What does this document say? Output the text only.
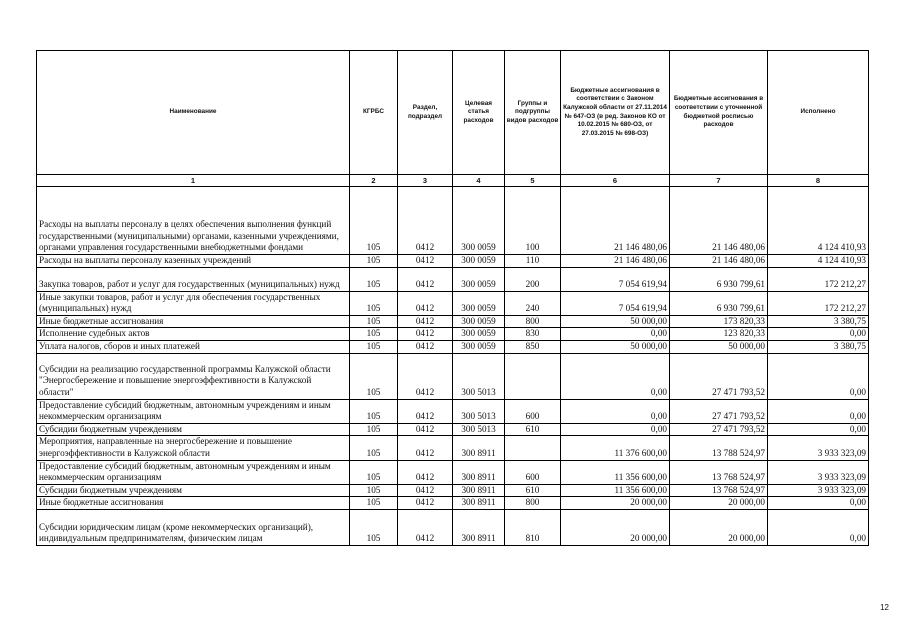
Наименование	КГРБС	Раздел, подраздел	Целевая статья расходов	Группы и подгруппы видов расходов	Бюджетные ассигнования в соответствии с Законом Калужской области от 27.11.2014 № 647-ОЗ (в ред. Законов КО от 10.02.2015 № 680-ОЗ, от 27.03.2015 № 698-ОЗ)	Бюджетные ассигнования в соответствии с уточненной бюджетной росписью расходов	Исполнено
1	2	3	4	5	6	7	8
Расходы на выплаты персоналу в целях обеспечения выполнения функций государственными (муниципальными) органами, казенными учреждениями, органами управления государственными внебюджетными фондами	105	0412	300 0059	100	21 146 480,06	21 146 480,06	4 124 410,93
Расходы на выплаты персоналу казенных учреждений	105	0412	300 0059	110	21 146 480,06	21 146 480,06	4 124 410,93
Закупка товаров, работ и услуг для государственных (муниципальных) нужд	105	0412	300 0059	200	7 054 619,94	6 930 799,61	172 212,27
Иные закупки товаров, работ и услуг для обеспечения государственных (муниципальных) нужд	105	0412	300 0059	240	7 054 619,94	6 930 799,61	172 212,27
Иные бюджетные ассигнования	105	0412	300 0059	800	50 000,00	173 820,33	3 380,75
Исполнение судебных актов	105	0412	300 0059	830	0,00	123 820,33	0,00
Уплата налогов, сборов и иных платежей	105	0412	300 0059	850	50 000,00	50 000,00	3 380,75
Субсидии на реализацию государственной программы Калужской области "Энергосбережение и повышение энергоэффективности в Калужской области"	105	0412	300 5013		0,00	27 471 793,52	0,00
Предоставление субсидий бюджетным, автономным учреждениям и иным некоммерческим организациям	105	0412	300 5013	600	0,00	27 471 793,52	0,00
Субсидии бюджетным учреждениям	105	0412	300 5013	610	0,00	27 471 793,52	0,00
Мероприятия, направленные на энергосбережение и повышение энергоэффективности в Калужской области	105	0412	300 8911		11 376 600,00	13 788 524,97	3 933 323,09
Предоставление субсидий бюджетным, автономным учреждениям и иным некоммерческим организациям	105	0412	300 8911	600	11 356 600,00	13 768 524,97	3 933 323,09
Субсидии бюджетным учреждениям	105	0412	300 8911	610	11 356 600,00	13 768 524,97	3 933 323,09
Иные бюджетные ассигнования	105	0412	300 8911	800	20 000,00	20 000,00	0,00
Субсидии юридическим лицам (кроме некоммерческих организаций), индивидуальным предпринимателям, физическим лицам	105	0412	300 8911	810	20 000,00	20 000,00	0,00
12
